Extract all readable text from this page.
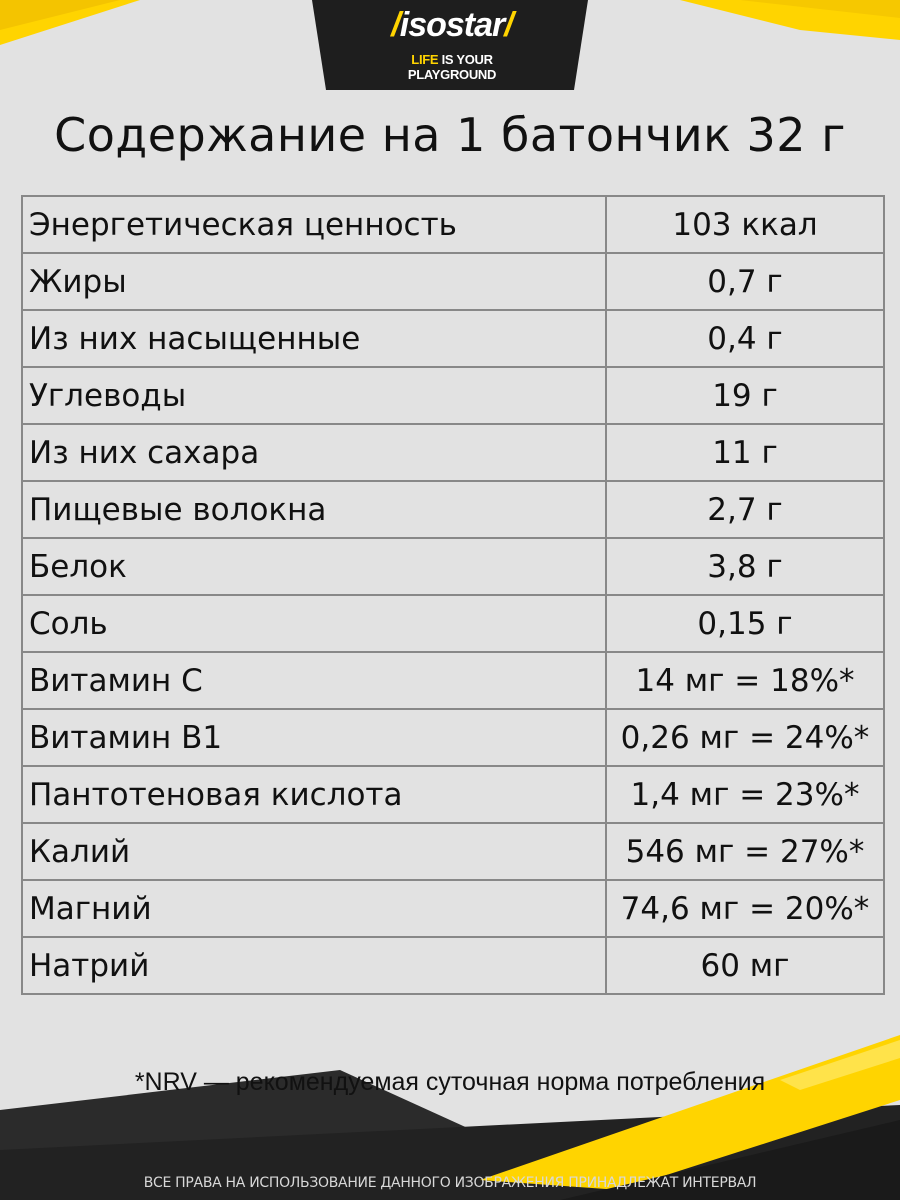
/isostar/
LIFE IS YOUR PLAYGROUND
Содержание на 1 батончик 32 г
Энергетическая ценность	103 ккал
Жиры	0,7 г
Из них насыщенные	0,4 г
Углеводы	19 г
Из них сахара	11 г
Пищевые волокна	2,7 г
Белок	3,8 г
Соль	0,15 г
Витамин С	14 мг = 18%*
Витамин В1	0,26 мг = 24%*
Пантотеновая кислота	1,4 мг = 23%*
Калий	546 мг = 27%*
Магний	74,6 мг = 20%*
Натрий	60 мг
*NRV — рекомендуемая суточная норма потребления
ВСЕ ПРАВА НА ИСПОЛЬЗОВАНИЕ ДАННОГО ИЗОБРАЖЕНИЯ ПРИНАДЛЕЖАТ ИНТЕРВАЛ
